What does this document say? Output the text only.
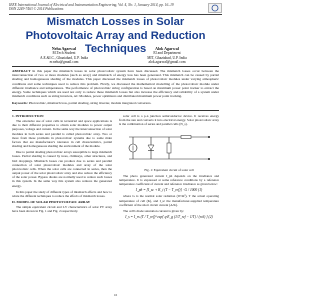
IEEE International Journal of Electrical and Instrumentation Engineering, Vol. 4, No. 1, January 2014, pp. 16–19
ISSN 2249-7463 © 2014 Publications
Mismatch Losses in Solar Photovoltaic Array and Reduction Techniques
Neha Agarwal
M.Tech Student
A.E.&I.C., Ghaziabad, U.P. India
er.neha@gmail.com
Alok Agarwal
EI and Department
MIT, Ghaziabad, U.P. India
alok.agarwal@gmail.com
ABSTRACT In this paper the mismatch losses in solar photovoltaic system have been discussed. The mismatch losses occur between the interconnection of two or more modules (such as array) and mismatch of energy loss has been generated. This mismatch can be caused by partial shading and homogeneous shading of the modules. This paper discussed the mismatch losses of photovoltaic modules under varying atmospheric conditions and some techniques used to reduce this problem. Firstly, we discussed the mathematical modelling of the photovoltaic module under different irradiance and temperatures. The performance of photovoltaic string configuration is based on maximum power point tracker to extract the energy. Some techniques which are used not only to reduce these mismatch losses but also increase the efficiency and reliability of a system under mismatch conditions such as string inverters, AC Modules, power optimizers and distributed maximum power point tracking.
Keywords: Photovoltaic, mismatch loss, partial shading, string inverter, module integrated converters.
1. INTRODUCTION
The extensive use of solar cells in terrestrial and space applications is due to their different properties to obtain solar modules to power output purposes, voltage and current. In the same way the interconnection of solar modules in both series and parallel is called photovoltaic array. Two or more from these problems in photovoltaic systems due to some main factors that are manufacturer's tolerance in cell characteristics, partial shading and homogeneous shading the environment of the module.
Due to partial shading photovoltaic arrays susceptible to large mismatch losses. Partial shading is caused by trees, chimneys, other structures, and bird droppings. Mismatch losses can produce due to series and parallel connection of solar photovoltaic modules and array of the solar photovoltaic cells. When the solar cells are connected in series, then the output power of the solar photovoltaic array and also reduce the efficiency of the solar power. Bypass diodes are normally used to reduce such losses in this system. In the same way this system also reduces the generated energy.
In this paper the study of different types of mismatch effects and how to relate the different techniques to reduce the effects of mismatch losses.
II. MODEL OF SOLAR PHOTOVOLTAIC ARRAY
The simple equivalent circuit and I-V characteristics of solar PV array have been shown in Fig. 1 and Fig. 2 respectively.
solar cell is a p-n junction semiconductor device. It receives energy from the sun and converts it into electrical energy. Solar photovoltaic array is the combination of series and parallel cells (N_s).
Fig. 1: Equivalent circuit of solar cell
The photo generated current I_ph depends on the irradiance and temperature. It is expressed at some reference conditions by a reference temperature coefficient of current and reference irradiance as given below:
I_ph = [I_sc + K_i (T − T_ref)] · G / 1000 (1)
where G is the normal solar radiation (W/m²), T the actual operating temperature of cell (K), and I_sc the manufacturer-supplied temperature coefficient of the short circuit current (A/K).
The cell's diode saturation current is given by:
I_s = I_rs (T / T_ref)³ exp[ q·E_g (1/T_ref − 1/T) / (n·k) ] (2)
16
